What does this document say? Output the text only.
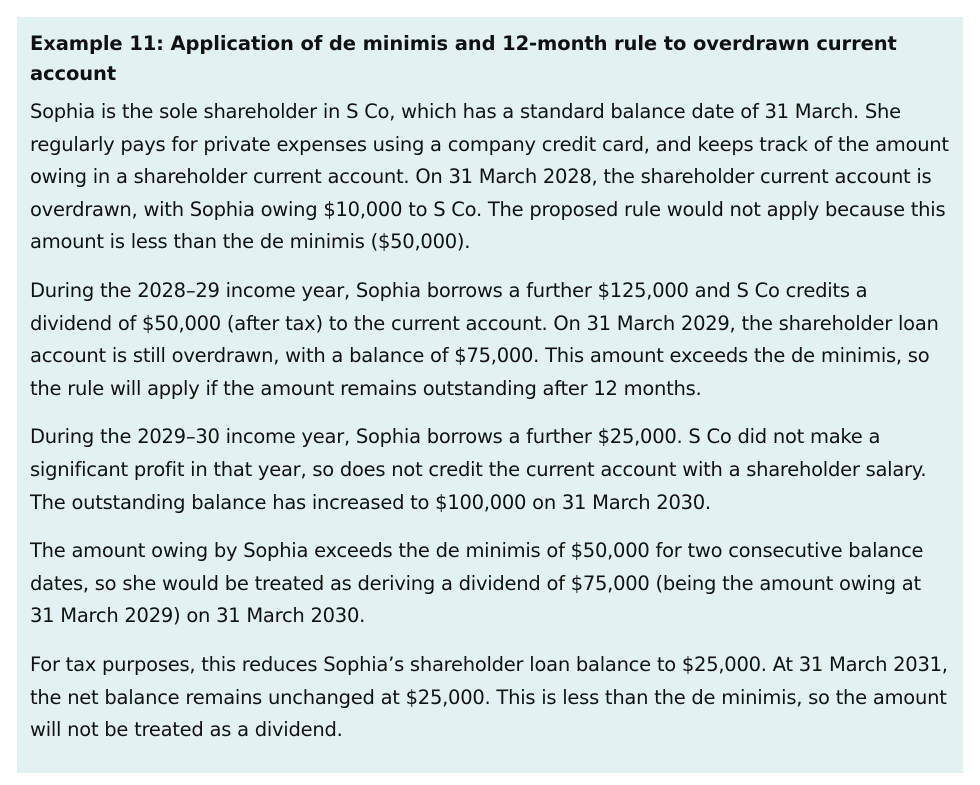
Example 11: Application of de minimis and 12-month rule to overdrawn current account

Sophia is the sole shareholder in S Co, which has a standard balance date of 31 March. She regularly pays for private expenses using a company credit card, and keeps track of the amount owing in a shareholder current account. On 31 March 2028, the shareholder current account is overdrawn, with Sophia owing $10,000 to S Co. The proposed rule would not apply because this amount is less than the de minimis ($50,000).

During the 2028–29 income year, Sophia borrows a further $125,000 and S Co credits a dividend of $50,000 (after tax) to the current account. On 31 March 2029, the shareholder loan account is still overdrawn, with a balance of $75,000. This amount exceeds the de minimis, so the rule will apply if the amount remains outstanding after 12 months.

During the 2029–30 income year, Sophia borrows a further $25,000. S Co did not make a significant profit in that year, so does not credit the current account with a shareholder salary. The outstanding balance has increased to $100,000 on 31 March 2030.

The amount owing by Sophia exceeds the de minimis of $50,000 for two consecutive balance dates, so she would be treated as deriving a dividend of $75,000 (being the amount owing at 31 March 2029) on 31 March 2030.

For tax purposes, this reduces Sophia’s shareholder loan balance to $25,000. At 31 March 2031, the net balance remains unchanged at $25,000. This is less than the de minimis, so the amount will not be treated as a dividend.
